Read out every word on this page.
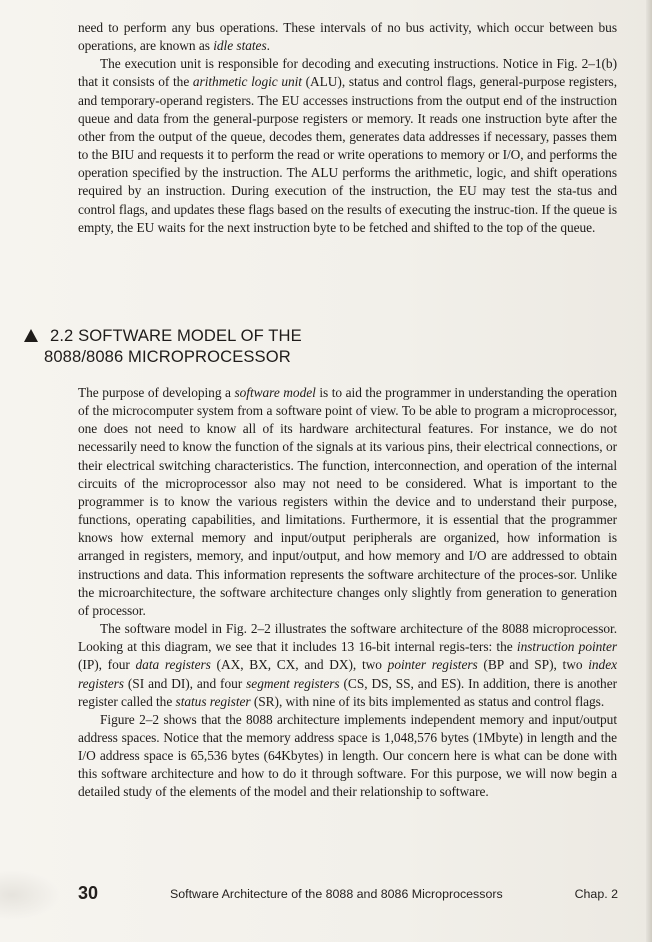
need to perform any bus operations. These intervals of no bus activity, which occur between bus operations, are known as idle states.

The execution unit is responsible for decoding and executing instructions. Notice in Fig. 2–1(b) that it consists of the arithmetic logic unit (ALU), status and control flags, general-purpose registers, and temporary-operand registers. The EU accesses instructions from the output end of the instruction queue and data from the general-purpose registers or memory. It reads one instruction byte after the other from the output of the queue, decodes them, generates data addresses if necessary, passes them to the BIU and requests it to perform the read or write operations to memory or I/O, and performs the operation specified by the instruction. The ALU performs the arithmetic, logic, and shift operations required by an instruction. During execution of the instruction, the EU may test the sta-tus and control flags, and updates these flags based on the results of executing the instruc-tion. If the queue is empty, the EU waits for the next instruction byte to be fetched and shifted to the top of the queue.

2.2 SOFTWARE MODEL OF THE
8088/8086 MICROPROCESSOR

The purpose of developing a software model is to aid the programmer in understanding the operation of the microcomputer system from a software point of view. To be able to program a microprocessor, one does not need to know all of its hardware architectural features. For instance, we do not necessarily need to know the function of the signals at its various pins, their electrical connections, or their electrical switching characteristics. The function, interconnection, and operation of the internal circuits of the microprocessor also may not need to be considered. What is important to the programmer is to know the various registers within the device and to understand their purpose, functions, operating capabilities, and limitations. Furthermore, it is essential that the programmer knows how external memory and input/output peripherals are organized, how information is arranged in registers, memory, and input/output, and how memory and I/O are addressed to obtain instructions and data. This information represents the software architecture of the proces-sor. Unlike the microarchitecture, the software architecture changes only slightly from generation to generation of processor.

The software model in Fig. 2–2 illustrates the software architecture of the 8088 microprocessor. Looking at this diagram, we see that it includes 13 16-bit internal regis-ters: the instruction pointer (IP), four data registers (AX, BX, CX, and DX), two pointer registers (BP and SP), two index registers (SI and DI), and four segment registers (CS, DS, SS, and ES). In addition, there is another register called the status register (SR), with nine of its bits implemented as status and control flags.

Figure 2–2 shows that the 8088 architecture implements independent memory and input/output address spaces. Notice that the memory address space is 1,048,576 bytes (1Mbyte) in length and the I/O address space is 65,536 bytes (64Kbytes) in length. Our concern here is what can be done with this software architecture and how to do it through software. For this purpose, we will now begin a detailed study of the elements of the model and their relationship to software.

30	Software Architecture of the 8088 and 8086 Microprocessors	Chap. 2
